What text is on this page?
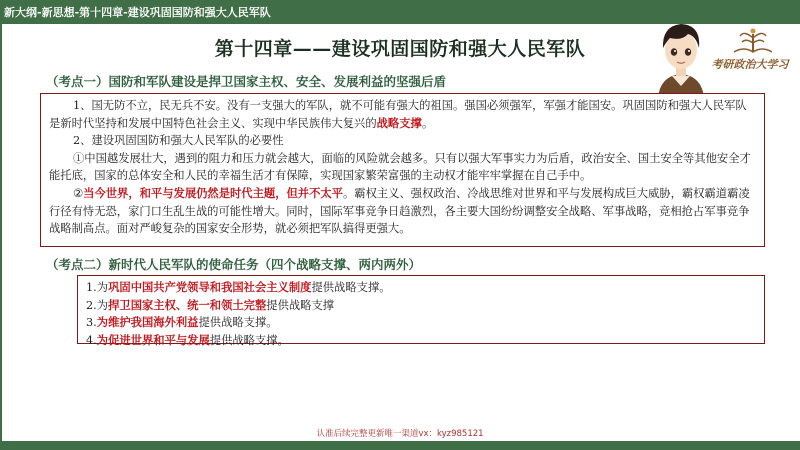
新大纲-新思想-第十四章-建设巩固国防和强大人民军队
第十四章——建设巩固国防和强大人民军队
考研政治大学习
（考点一）国防和军队建设是捍卫国家主权、安全、发展利益的坚强后盾

1、国无防不立，民无兵不安。没有一支强大的军队，就不可能有强大的祖国。强国必须强军，军强才能国安。巩固国防和强大人民军队是新时代坚持和发展中国特色社会主义、实现中华民族伟大复兴的战略支撑。

2、建设巩固国防和强大人民军队的必要性

①中国越发展壮大，遇到的阻力和压力就会越大，面临的风险就会越多。只有以强大军事实力为后盾，政治安全、国土安全等其他安全才能托底，国家的总体安全和人民的幸福生活才有保障，实现国家繁荣富强的主动权才能牢牢掌握在自己手中。

②当今世界，和平与发展仍然是时代主题，但并不太平。霸权主义、强权政治、冷战思维对世界和平与发展构成巨大威胁，霸权霸道霸凌行径有恃无恐，家门口生乱生战的可能性增大。同时，国际军事竞争日趋激烈，各主要大国纷纷调整安全战略、军事战略，竞相抢占军事竞争战略制高点。面对严峻复杂的国家安全形势，就必须把军队搞得更强大。

（考点二）新时代人民军队的使命任务（四个战略支撑、两内两外）

1.为巩固中国共产党领导和我国社会主义制度提供战略支撑。

2.为捍卫国家主权、统一和领土完整提供战略支撑

3.为维护我国海外利益提供战略支撑。

4.为促进世界和平与发展提供战略支撑。

认准后续完整更新唯一渠道vx：kyz985121
